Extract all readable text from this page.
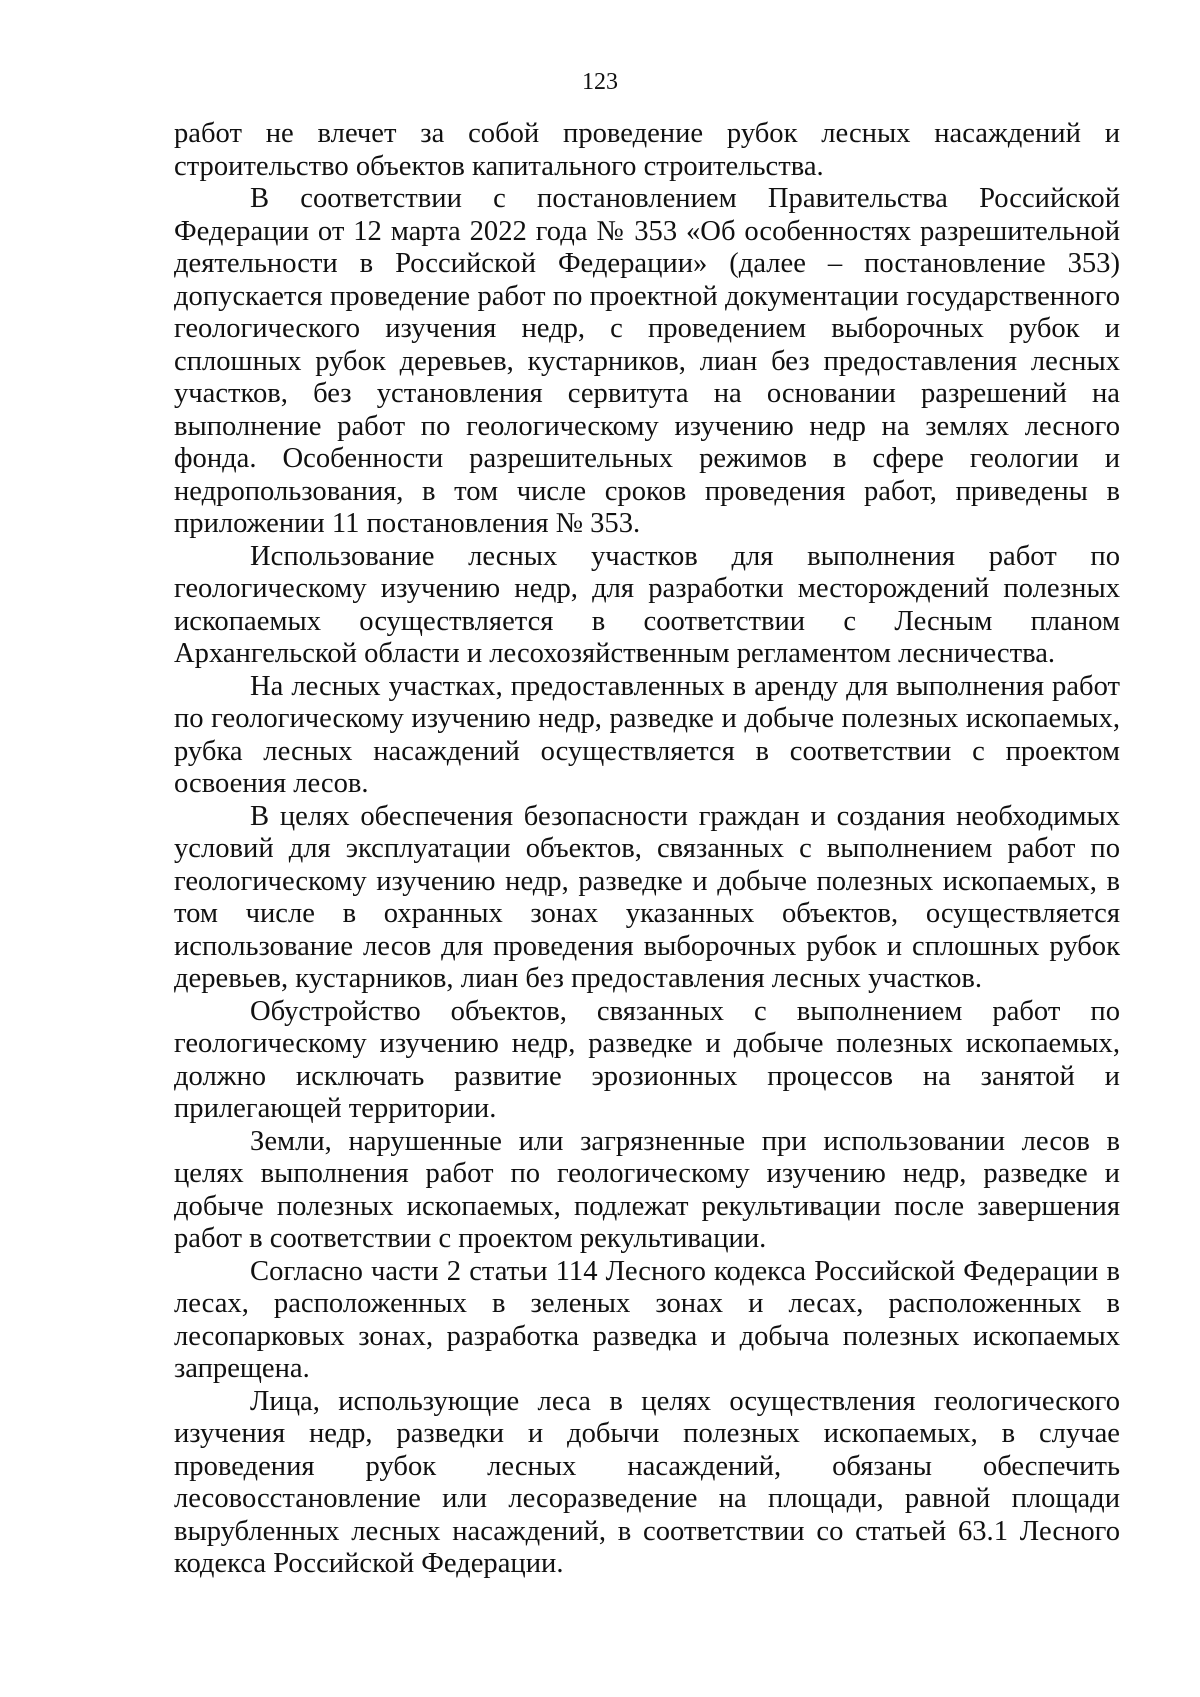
123

работ не влечет за собой проведение рубок лесных насаждений и строительство объектов капитального строительства.

В соответствии с постановлением Правительства Российской Федерации от 12 марта 2022 года № 353 «Об особенностях разрешительной деятельности в Российской Федерации» (далее – постановление 353) допускается проведение работ по проектной документации государственного геологического изучения недр, с проведением выборочных рубок и сплошных рубок деревьев, кустарников, лиан без предоставления лесных участков, без установления сервитута на основании разрешений на выполнение работ по геологическому изучению недр на землях лесного фонда. Особенности разрешительных режимов в сфере геологии и недропользования, в том числе сроков проведения работ, приведены в приложении 11 постановления № 353.

Использование лесных участков для выполнения работ по геологическому изучению недр, для разработки месторождений полезных ископаемых осуществляется в соответствии с Лесным планом Архангельской области и лесохозяйственным регламентом лесничества.

На лесных участках, предоставленных в аренду для выполнения работ по геологическому изучению недр, разведке и добыче полезных ископаемых, рубка лесных насаждений осуществляется в соответствии с проектом освоения лесов.

В целях обеспечения безопасности граждан и создания необходимых условий для эксплуатации объектов, связанных с выполнением работ по геологическому изучению недр, разведке и добыче полезных ископаемых, в том числе в охранных зонах указанных объектов, осуществляется использование лесов для проведения выборочных рубок и сплошных рубок деревьев, кустарников, лиан без предоставления лесных участков.

Обустройство объектов, связанных с выполнением работ по геологическому изучению недр, разведке и добыче полезных ископаемых, должно исключать развитие эрозионных процессов на занятой и прилегающей территории.

Земли, нарушенные или загрязненные при использовании лесов в целях выполнения работ по геологическому изучению недр, разведке и добыче полезных ископаемых, подлежат рекультивации после завершения работ в соответствии с проектом рекультивации.

Согласно части 2 статьи 114 Лесного кодекса Российской Федерации в лесах, расположенных в зеленых зонах и лесах, расположенных в лесопарковых зонах, разработка разведка и добыча полезных ископаемых запрещена.

Лица, использующие леса в целях осуществления геологического изучения недр, разведки и добычи полезных ископаемых, в случае проведения рубок лесных насаждений, обязаны обеспечить лесовосстановление или лесоразведение на площади, равной площади вырубленных лесных насаждений, в соответствии со статьей 63.1 Лесного кодекса Российской Федерации.
